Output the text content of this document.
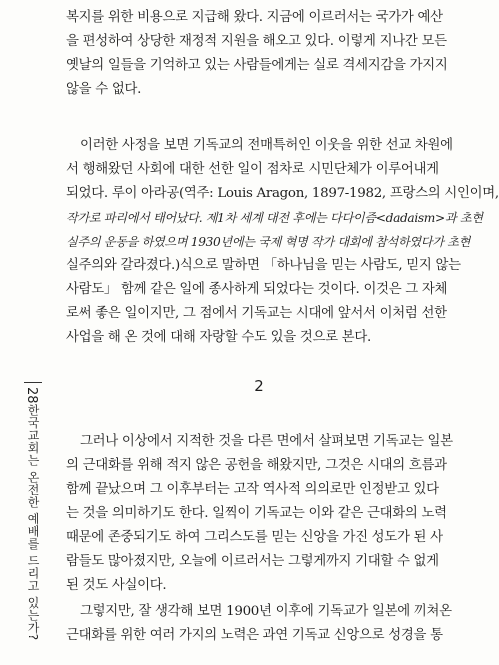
복지를 위한 비용으로 지급해 왔다. 지금에 이르러서는 국가가 예산
을 편성하여 상당한 재정적 지원을 해오고 있다. 이렇게 지나간 모든
옛날의 일들을 기억하고 있는 사람들에게는 실로 격세지감을 가지지
않을 수 없다.
이러한 사정을 보면 기독교의 전매특허인 이웃을 위한 선교 차원에
서 행해왔던 사회에 대한 선한 일이 점차로 시민단체가 이루어내게
되었다. 루이 아라공(역주: Louis Aragon, 1897-1982, 프랑스의 시인이며,
작가로 파리에서 태어났다. 제1차 세계 대전 후에는 다다이즘<dadaism>과 초현
실주의 운동을 하였으며 1930년에는 국제 혁명 작가 대회에 참석하였다가 초현
실주의와 갈라졌다.)식으로 말하면 「하나님을 믿는 사람도, 믿지 않는
사람도」 함께 같은 일에 종사하게 되었다는 것이다. 이것은 그 자체
로써 좋은 일이지만, 그 점에서 기독교는 시대에 앞서서 이처럼 선한
사업을 해 온 것에 대해 자랑할 수도 있을 것으로 본다.
2
그러나 이상에서 지적한 것을 다른 면에서 살펴보면 기독교는 일본
의 근대화를 위해 적지 않은 공헌을 해왔지만, 그것은 시대의 흐름과
함께 끝났으며 그 이후부터는 고작 역사적 의의로만 인정받고 있다
는 것을 의미하기도 한다. 일찍이 기독교는 이와 같은 근대화의 노력
때문에 존중되기도 하여 그리스도를 믿는 신앙을 가진 성도가 된 사
람들도 많아졌지만, 오늘에 이르러서는 그렇게까지 기대할 수 없게
된 것도 사실이다.
그렇지만, 잘 생각해 보면 1900년 이후에 기독교가 일본에 끼쳐온
근대화를 위한 여러 가지의 노력은 과연 기독교 신앙으로 성경을 통
28
한국교회는 온전한 예배를 드리고 있는가?
